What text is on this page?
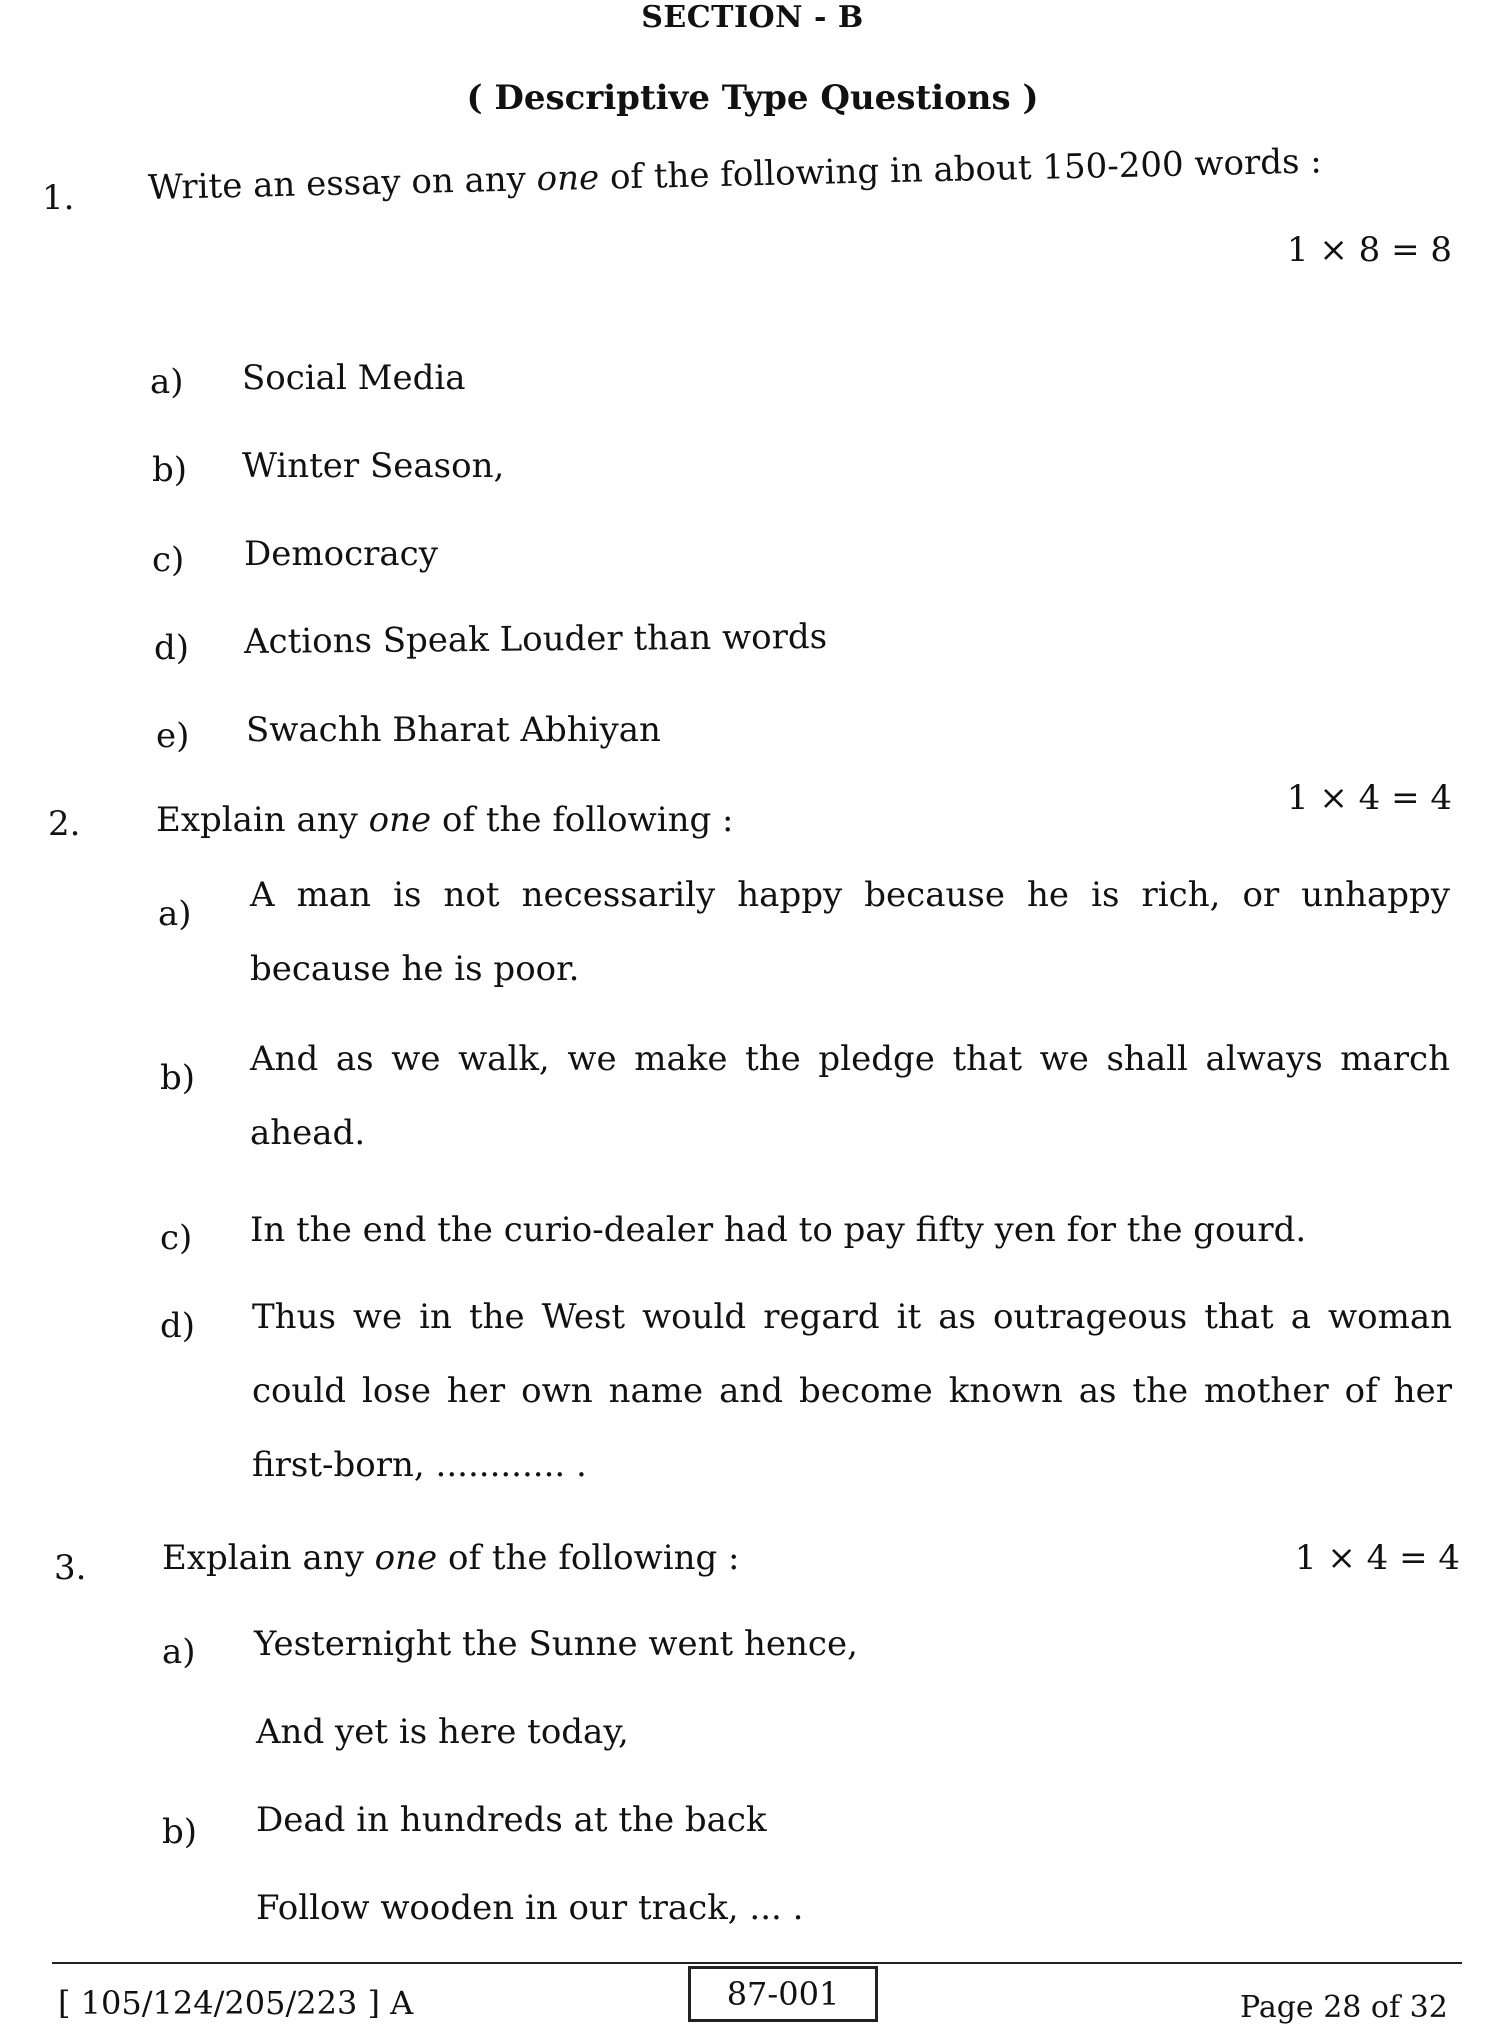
SECTION - B
( Descriptive Type Questions )
1. Write an essay on any one of the following in about 150-200 words :
1 × 8 = 8
a) Social Media
b) Winter Season,
c) Democracy
d) Actions Speak Louder than words
e) Swachh Bharat Abhiyan
2. Explain any one of the following :
1 × 4 = 4
a) A man is not necessarily happy because he is rich, or unhappy because he is poor.
b) And as we walk, we make the pledge that we shall always march ahead.
c) In the end the curio-dealer had to pay fifty yen for the gourd.
d) Thus we in the West would regard it as outrageous that a woman could lose her own name and become known as the mother of her first-born, ............ .
3. Explain any one of the following :	1 × 4 = 4
a) Yesternight the Sunne went hence,
And yet is here today,
b) Dead in hundreds at the back
Follow wooden in our track, ... .
[ 105/124/205/223 ] A	87-001	Page 28 of 32
